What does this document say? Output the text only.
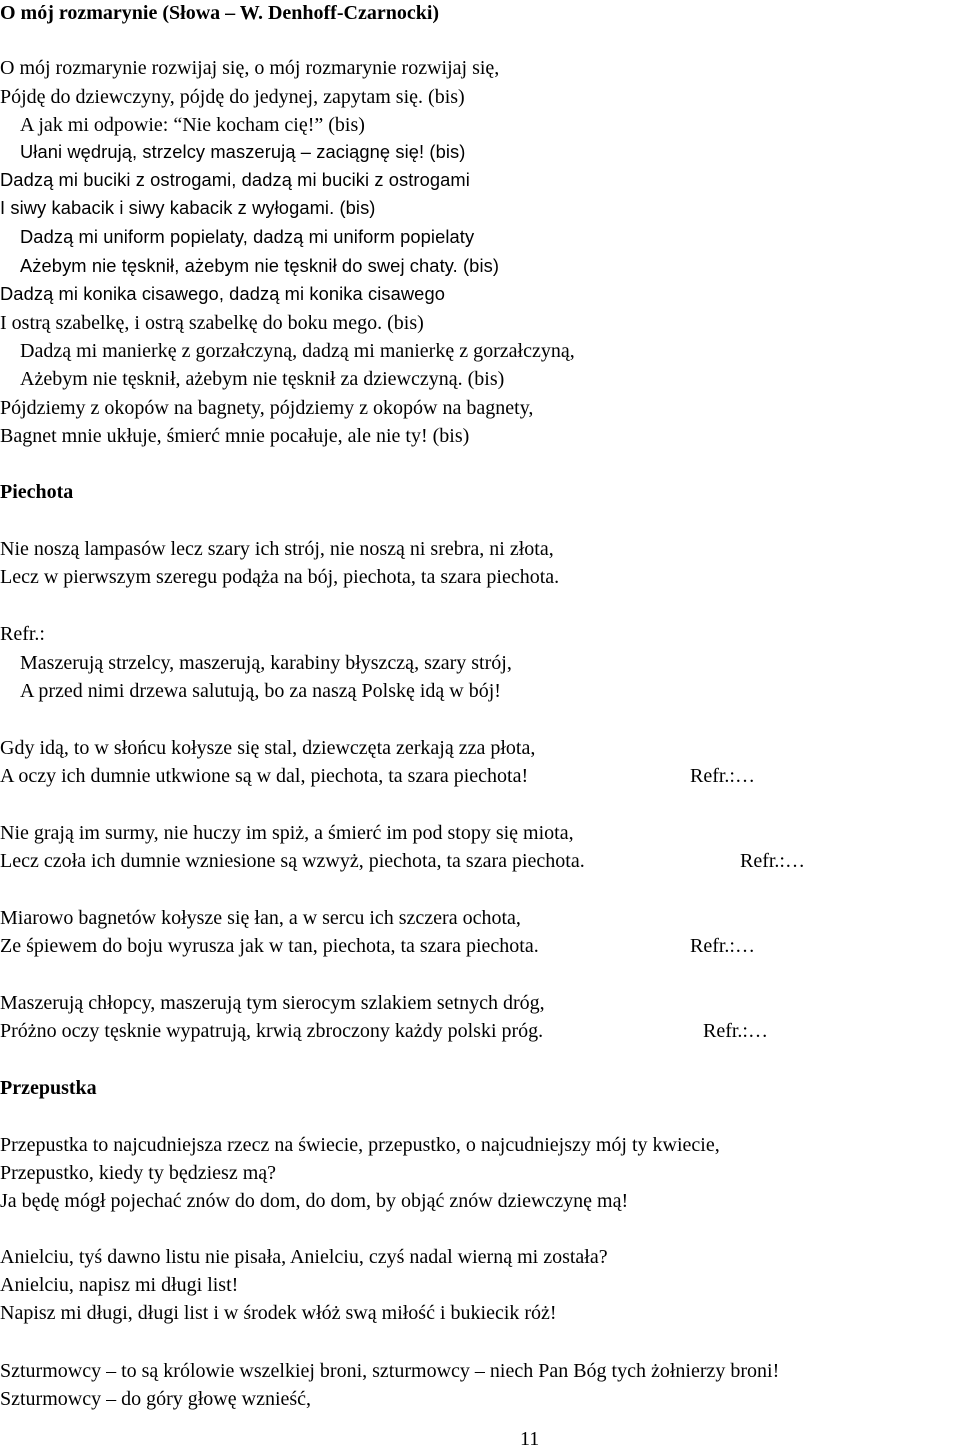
O mój rozmarynie (Słowa – W. Denhoff-Czarnocki)
O mój rozmarynie rozwijaj się, o mój rozmarynie rozwijaj się,
Pójdę do dziewczyny, pójdę do jedynej, zapytam się. (bis)
A jak mi odpowie: “Nie kocham cię!” (bis)
Ułani wędrują, strzelcy maszerują – zaciągnę się! (bis)
Dadzą mi buciki z ostrogami, dadzą mi buciki z ostrogami
I siwy kabacik i siwy kabacik z wyłogami. (bis)
Dadzą mi uniform popielaty, dadzą mi uniform popielaty
Ażebym nie tęsknił, ażebym nie tęsknił do swej chaty. (bis)
Dadzą mi konika cisawego, dadzą mi konika cisawego
I ostrą szabelkę, i ostrą szabelkę do boku mego. (bis)
Dadzą mi manierkę z gorzałczyną, dadzą mi manierkę z gorzałczyną,
Ażebym nie tęsknił, ażebym nie tęsknił za dziewczyną. (bis)
Pójdziemy z okopów na bagnety, pójdziemy z okopów na bagnety,
Bagnet mnie ukłuje, śmierć mnie pocałuje, ale nie ty! (bis)
Piechota
Nie noszą lampasów lecz szary ich strój, nie noszą ni srebra, ni złota,
Lecz w pierwszym szeregu podąża na bój, piechota, ta szara piechota.
Refr.:
Maszerują strzelcy, maszerują, karabiny błyszczą, szary strój,
A przed nimi drzewa salutują, bo za naszą Polskę idą w bój!
Gdy idą, to w słońcu kołysze się stal, dziewczęta zerkają zza płota,
A oczy ich dumnie utkwione są w dal, piechota, ta szara piechota!	Refr.:…
Nie grają im surmy, nie huczy im spiż, a śmierć im pod stopy się miota,
Lecz czoła ich dumnie wzniesione są wzwyż, piechota, ta szara piechota.	Refr.:…
Miarowo bagnetów kołysze się łan, a w sercu ich szczera ochota,
Ze śpiewem do boju wyrusza jak w tan, piechota, ta szara piechota.	Refr.:…
Maszerują chłopcy, maszerują tym sierocym szlakiem setnych dróg,
Próżno oczy tęsknie wypatrują, krwią zbroczony każdy polski próg.	Refr.:…
Przepustka
Przepustka to najcudniejsza rzecz na świecie, przepustko, o najcudniejszy mój ty kwiecie,
Przepustko, kiedy ty będziesz mą?
Ja będę mógł pojechać znów do dom, do dom, by objąć znów dziewczynę mą!
Anielciu, tyś dawno listu nie pisała, Anielciu, czyś nadal wierną mi została?
Anielciu, napisz mi długi list!
Napisz mi długi, długi list i w środek włóż swą miłość i bukiecik róż!
Szturmowcy – to są królowie wszelkiej broni, szturmowcy – niech Pan Bóg tych żołnierzy broni!
Szturmowcy – do góry głowę wznieść,
11
